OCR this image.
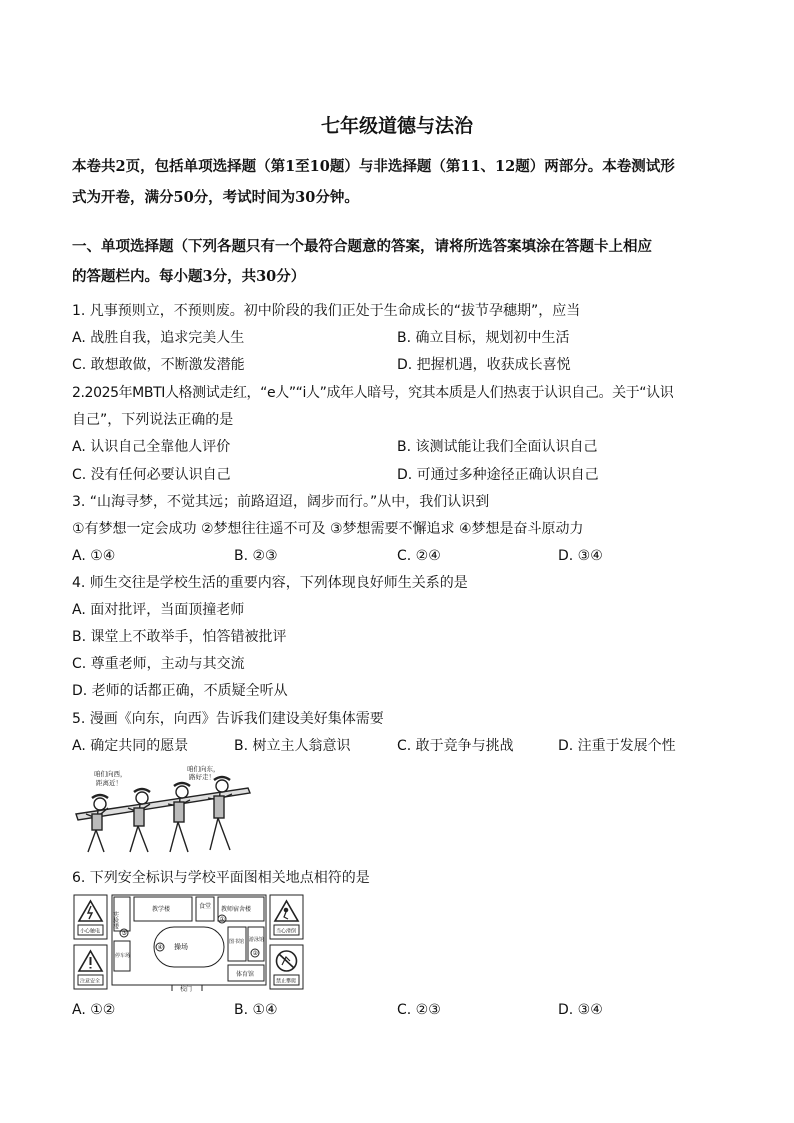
七年级道德与法治
本卷共2页，包括单项选择题（第1至10题）与非选择题（第11、12题）两部分。本卷测试形
式为开卷，满分50分，考试时间为30分钟。
一、单项选择题（下列各题只有一个最符合题意的答案，请将所选答案填涂在答题卡上相应
的答题栏内。每小题3分，共30分）
1. 凡事预则立，不预则废。初中阶段的我们正处于生命成长的“拔节孕穗期”，应当
A. 战胜自我，追求完美人生	B. 确立目标，规划初中生活
C. 敢想敢做，不断激发潜能	D. 把握机遇，收获成长喜悦
2.2025年MBTI人格测试走红，“e人”“i人”成年人暗号，究其本质是人们热衷于认识自己。关于“认识
自己”，下列说法正确的是
A. 认识自己全靠他人评价	B. 该测试能让我们全面认识自己
C. 没有任何必要认识自己	D. 可通过多种途径正确认识自己
3. “山海寻梦，不觉其远；前路迢迢，阔步而行。”从中，我们认识到
①有梦想一定会成功 ②梦想往往遥不可及 ③梦想需要不懈追求 ④梦想是奋斗原动力
A. ①④	B. ②③	C. ②④	D. ③④
4. 师生交往是学校生活的重要内容，下列体现良好师生关系的是
A. 面对批评，当面顶撞老师
B. 课堂上不敢举手，怕答错被批评
C. 尊重老师，主动与其交流
D. 老师的话都正确，不质疑全听从
5. 漫画《向东，向西》告诉我们建设美好集体需要
A. 确定共同的愿景	B. 树立主人翁意识	C. 敢于竞争与挑战	D. 注重于发展个性
咱们向西，
距离近！
咱们向东，
路好走！
6. 下列安全标识与学校平面图相关地点相符的是
小心触电
注意安全
当心滑倒
禁止攀爬
实验楼
教学楼	食堂 教师宿舍楼
操场
图书馆 游泳馆
体育馆
停车场
校门
①
②
③
④
A. ①②	B. ①④	C. ②③	D. ③④
